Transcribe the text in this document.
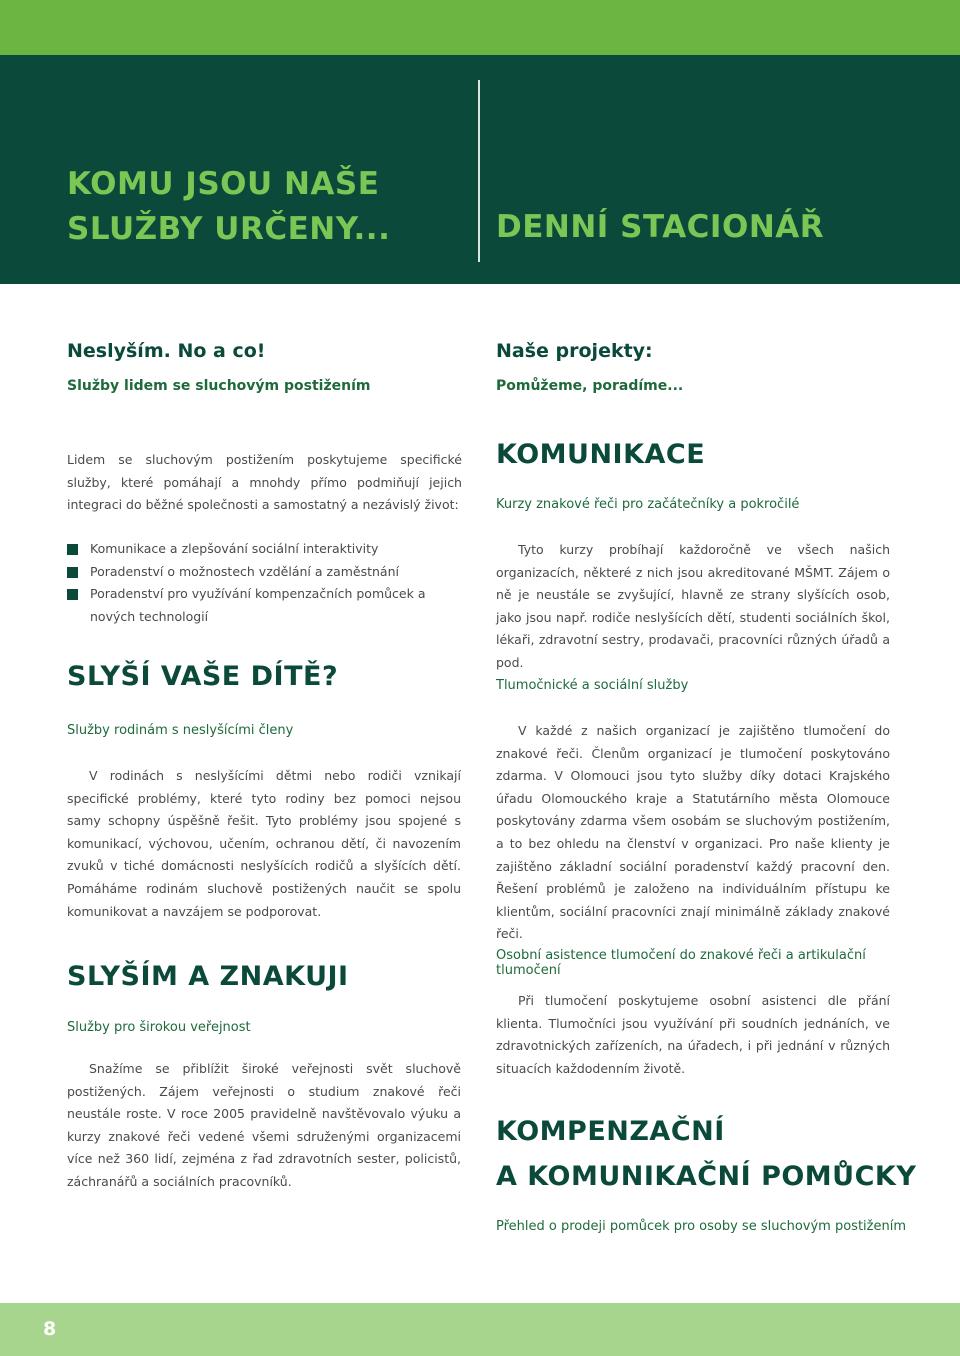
KOMU JSOU NAŠE
SLUŽBY URČENY...	DENNÍ STACIONÁŘ
Neslyším. No a co!
Služby lidem se sluchovým postižením
Lidem se sluchovým postižením poskytujeme specifické služby, které pomáhají a mnohdy přímo podmiňují jejich integraci do běžné společnosti a samostatný a nezávislý život:
Komunikace a zlepšování sociální interaktivity
Poradenství o možnostech vzdělání a zaměstnání
Poradenství pro využívání kompenzačních pomůcek a nových technologií
SLYŠÍ VAŠE DÍTĚ?
Služby rodinám s neslyšícími členy
V rodinách s neslyšícími dětmi nebo rodiči vznikají specifické problémy, které tyto rodiny bez pomoci nejsou samy schopny úspěšně řešit. Tyto problémy jsou spojené s komunikací, výchovou, učením, ochranou dětí, či navozením zvuků v tiché domácnosti neslyšících rodičů a slyšících dětí. Pomáháme rodinám sluchově postižených naučit se spolu komunikovat a navzájem se podporovat.
SLYŠÍM A ZNAKUJI
Služby pro širokou veřejnost
Snažíme se přiblížit široké veřejnosti svět sluchově postižených. Zájem veřejnosti o studium znakové řeči neustále roste. V roce 2005 pravidelně navštěvovalo výuku a kurzy znakové řeči vedené všemi sdruženými organizacemi více než 360 lidí, zejména z řad zdravotních sester, policistů, záchranářů a sociálních pracovníků.
Naše projekty:
Pomůžeme, poradíme...
KOMUNIKACE
Kurzy znakové řeči pro začátečníky a pokročilé
Tyto kurzy probíhají každoročně ve všech našich organizacích, některé z nich jsou akreditované MŠMT. Zájem o ně je neustále se zvyšující, hlavně ze strany slyšících osob, jako jsou např. rodiče neslyšících dětí, studenti sociálních škol, lékaři, zdravotní sestry, prodavači, pracovníci různých úřadů a pod.
Tlumočnické a sociální služby
V každé z našich organizací je zajištěno tlumočení do znakové řeči. Členům organizací je tlumočení poskytováno zdarma. V Olomouci jsou tyto služby díky dotaci Krajského úřadu Olomouckého kraje a Statutárního města Olomouce poskytovány zdarma všem osobám se sluchovým postižením, a to bez ohledu na členství v organizaci. Pro naše klienty je zajištěno základní sociální poradenství každý pracovní den. Řešení problémů je založeno na individuálním přístupu ke klientům, sociální pracovníci znají minimálně základy znakové řeči.
Osobní asistence tlumočení do znakové řeči a artikulační tlumočení
Při tlumočení poskytujeme osobní asistenci dle přání klienta. Tlumočníci jsou využívání při soudních jednáních, ve zdravotnických zařízeních, na úřadech, i při jednání v různých situacích každodenním životě.
KOMPENZAČNÍ
A KOMUNIKAČNÍ POMŮCKY
Přehled o prodeji pomůcek pro osoby se sluchovým postižením
8
